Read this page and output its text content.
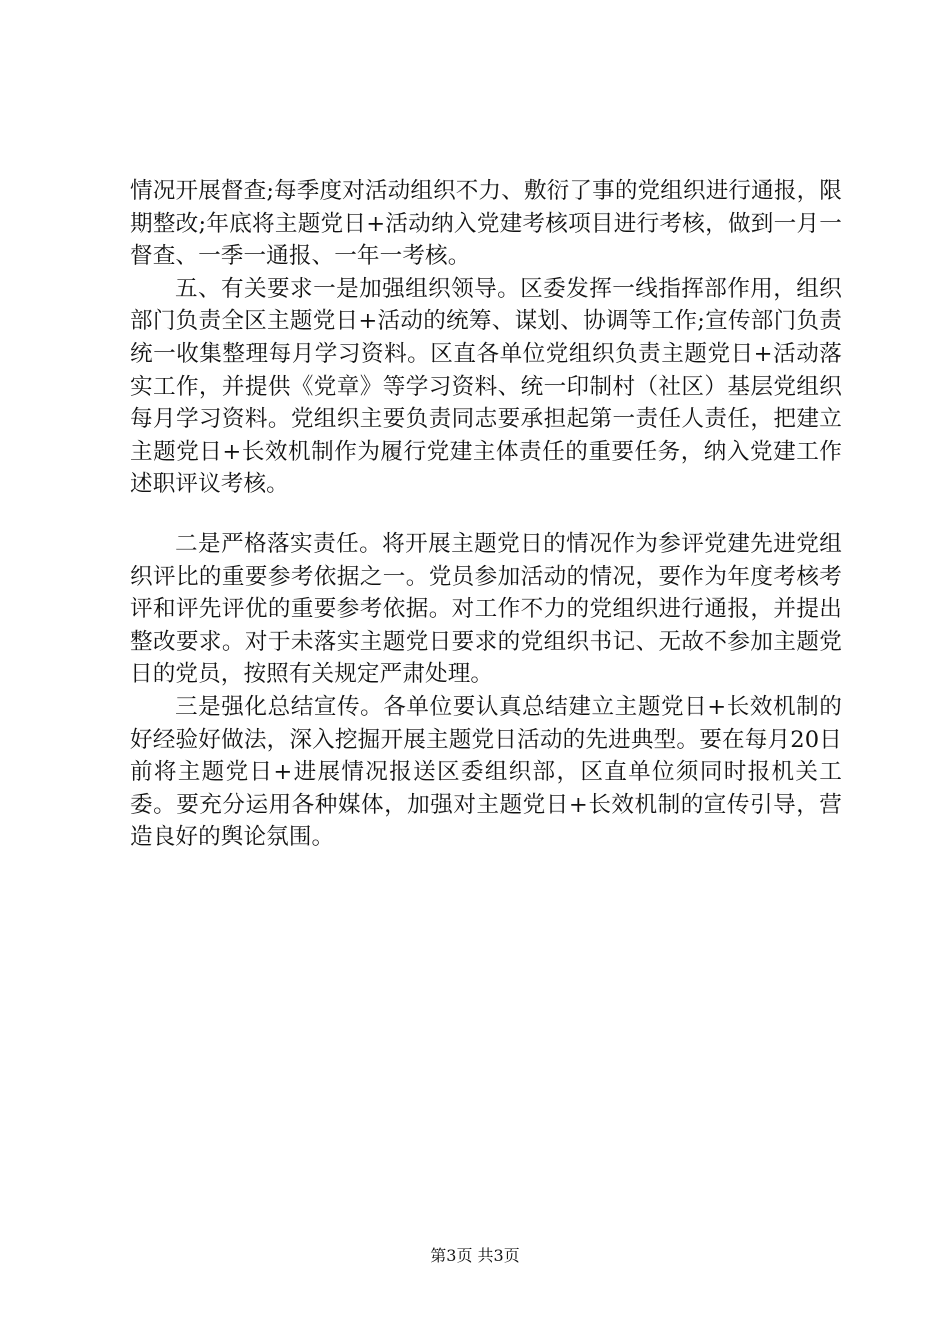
情况开展督查;每季度对活动组织不力、敷衍了事的党组织进行通报，限期整改;年底将主题党日+活动纳入党建考核项目进行考核，做到一月一督查、一季一通报、一年一考核。

五、有关要求一是加强组织领导。区委发挥一线指挥部作用，组织部门负责全区主题党日+活动的统筹、谋划、协调等工作;宣传部门负责统一收集整理每月学习资料。区直各单位党组织负责主题党日+活动落实工作，并提供《党章》等学习资料、统一印制村（社区）基层党组织每月学习资料。党组织主要负责同志要承担起第一责任人责任，把建立主题党日+长效机制作为履行党建主体责任的重要任务，纳入党建工作述职评议考核。

二是严格落实责任。将开展主题党日的情况作为参评党建先进党组织评比的重要参考依据之一。党员参加活动的情况，要作为年度考核考评和评先评优的重要参考依据。对工作不力的党组织进行通报，并提出整改要求。对于未落实主题党日要求的党组织书记、无故不参加主题党日的党员，按照有关规定严肃处理。

三是强化总结宣传。各单位要认真总结建立主题党日+长效机制的好经验好做法，深入挖掘开展主题党日活动的先进典型。要在每月20日前将主题党日+进展情况报送区委组织部，区直单位须同时报机关工委。要充分运用各种媒体，加强对主题党日+长效机制的宣传引导，营造良好的舆论氛围。

第3页 共3页
